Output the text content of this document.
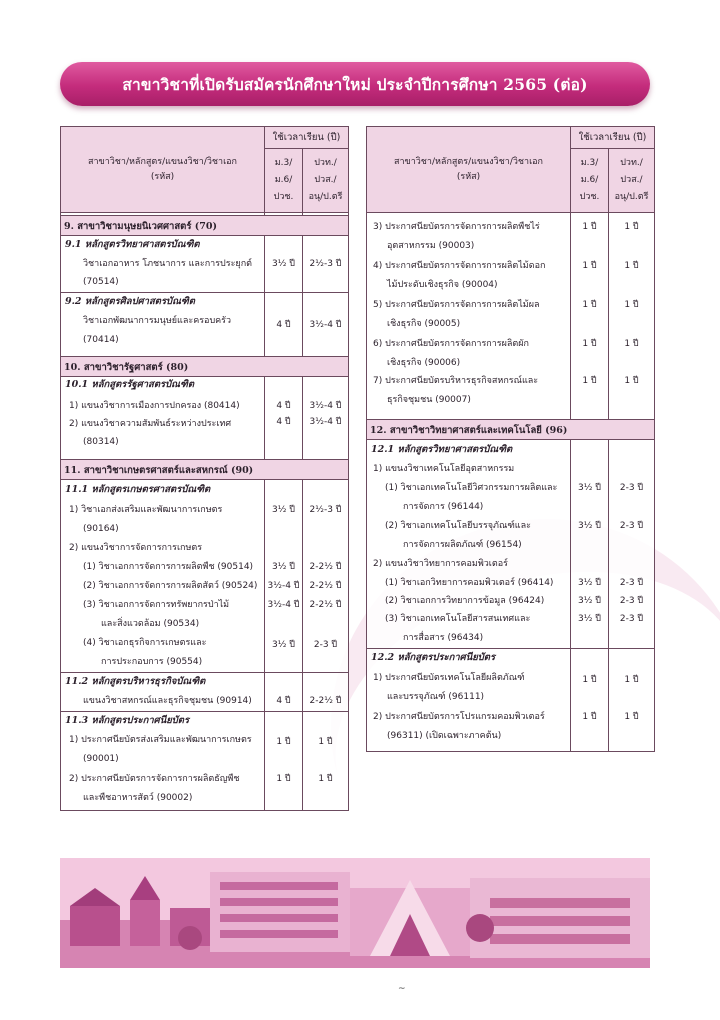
สาขาวิชาที่เปิดรับสมัครนักศึกษาใหม่ ประจำปีการศึกษา 2565 (ต่อ)
สาขาวิชา/หลักสูตร/แขนงวิชา/วิชาเอก
(รหัส)
ใช้เวลาเรียน (ปี)
ม.3/
ม.6/
ปวช.
ปวท./
ปวส./
อนุ/ป.ตรี
9. สาขาวิชามนุษยนิเวศศาสตร์ (70)
9.1 หลักสูตรวิทยาศาสตรบัณฑิต
วิชาเอกอาหาร โภชนาการ และการประยุกต์
(70514)
3½ ปี	2½-3 ปี
9.2 หลักสูตรศิลปศาสตรบัณฑิต
วิชาเอกพัฒนาการมนุษย์และครอบครัว
(70414)
4 ปี	3½-4 ปี
10. สาขาวิชารัฐศาสตร์ (80)
10.1 หลักสูตรรัฐศาสตรบัณฑิต
1) แขนงวิชาการเมืองการปกครอง (80414)	4 ปี	3½-4 ปี
2) แขนงวิชาความสัมพันธ์ระหว่างประเทศ
(80314)
4 ปี	3½-4 ปี
11. สาขาวิชาเกษตรศาสตร์และสหกรณ์ (90)
11.1 หลักสูตรเกษตรศาสตรบัณฑิต
1) วิชาเอกส่งเสริมและพัฒนาการเกษตร
(90164)
3½ ปี	2½-3 ปี
2) แขนงวิชาการจัดการการเกษตร
(1) วิชาเอกการจัดการการผลิตพืช (90514)	3½ ปี	2-2½ ปี
(2) วิชาเอกการจัดการการผลิตสัตว์ (90524)	3½-4 ปี	2-2½ ปี
(3) วิชาเอกการจัดการทรัพยากรป่าไม้
และสิ่งแวดล้อม (90534)
3½-4 ปี	2-2½ ปี
(4) วิชาเอกธุรกิจการเกษตรและ
การประกอบการ (90554)
3½ ปี	2-3 ปี
11.2 หลักสูตรบริหารธุรกิจบัณฑิต
แขนงวิชาสหกรณ์และธุรกิจชุมชน (90914)	4 ปี	2-2½ ปี
11.3 หลักสูตรประกาศนียบัตร
1) ประกาศนียบัตรส่งเสริมและพัฒนาการเกษตร
(90001)
1 ปี	1 ปี
2) ประกาศนียบัตรการจัดการการผลิตธัญพืช
และพืชอาหารสัตว์ (90002)
1 ปี	1 ปี
สาขาวิชา/หลักสูตร/แขนงวิชา/วิชาเอก
(รหัส)
ใช้เวลาเรียน (ปี)
ม.3/
ม.6/
ปวช.
ปวท./
ปวส./
อนุ/ป.ตรี
3) ประกาศนียบัตรการจัดการการผลิตพืชไร่
อุตสาหกรรม (90003)
1 ปี	1 ปี
4) ประกาศนียบัตรการจัดการการผลิตไม้ดอก
ไม้ประดับเชิงธุรกิจ (90004)
1 ปี	1 ปี
5) ประกาศนียบัตรการจัดการการผลิตไม้ผล
เชิงธุรกิจ (90005)
1 ปี	1 ปี
6) ประกาศนียบัตรการจัดการการผลิตผัก
เชิงธุรกิจ (90006)
1 ปี	1 ปี
7) ประกาศนียบัตรบริหารธุรกิจสหกรณ์และ
ธุรกิจชุมชน (90007)
1 ปี	1 ปี
12. สาขาวิชาวิทยาศาสตร์และเทคโนโลยี (96)
12.1 หลักสูตรวิทยาศาสตรบัณฑิต
1) แขนงวิชาเทคโนโลยีอุตสาหกรรม
(1) วิชาเอกเทคโนโลยีวิศวกรรมการผลิตและ
การจัดการ (96144)
3½ ปี	2-3 ปี
(2) วิชาเอกเทคโนโลยีบรรจุภัณฑ์และ
การจัดการผลิตภัณฑ์ (96154)
3½ ปี	2-3 ปี
2) แขนงวิชาวิทยาการคอมพิวเตอร์
(1) วิชาเอกวิทยาการคอมพิวเตอร์ (96414)	3½ ปี	2-3 ปี
(2) วิชาเอกการวิทยาการข้อมูล (96424)	3½ ปี	2-3 ปี
(3) วิชาเอกเทคโนโลยีสารสนเทศและ
การสื่อสาร (96434)
3½ ปี	2-3 ปี
12.2 หลักสูตรประกาศนียบัตร
1) ประกาศนียบัตรเทคโนโลยีผลิตภัณฑ์
และบรรจุภัณฑ์ (96111)
1 ปี	1 ปี
2) ประกาศนียบัตรการโปรแกรมคอมพิวเตอร์
(96311) (เปิดเฉพาะภาคต้น)
1 ปี	1 ปี
~
